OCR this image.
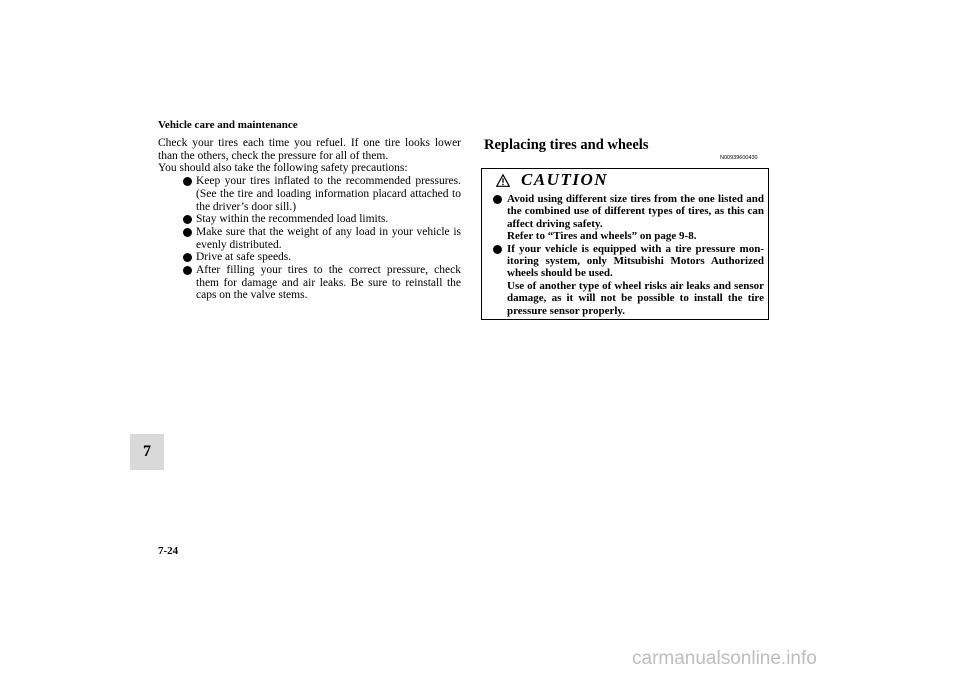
Vehicle care and maintenance

Check your tires each time you refuel. If one tire looks lower than the others, check the pressure for all of them.

You should also take the following safety precautions:

Keep your tires inflated to the recommended pressures. (See the tire and loading information placard attached to the driver’s door sill.)
Stay within the recommended load limits.
Make sure that the weight of any load in your vehicle is evenly distributed.
Drive at safe speeds.
After filling your tires to the correct pressure, check them for damage and air leaks. Be sure to reinstall the caps on the valve stems.
Replacing tires and wheels
N00939600430
CAUTION
Avoid using different size tires from the one listed and the combined use of different types of tires, as this can affect driving safety.
Refer to “Tires and wheels” on page 9-8.
If your vehicle is equipped with a tire pressure mon- itoring system, only Mitsubishi Motors Authorized wheels should be used.
Use of another type of wheel risks air leaks and sensor damage, as it will not be possible to install the tire pressure sensor properly.
7
7-24
carmanualsonline.info
